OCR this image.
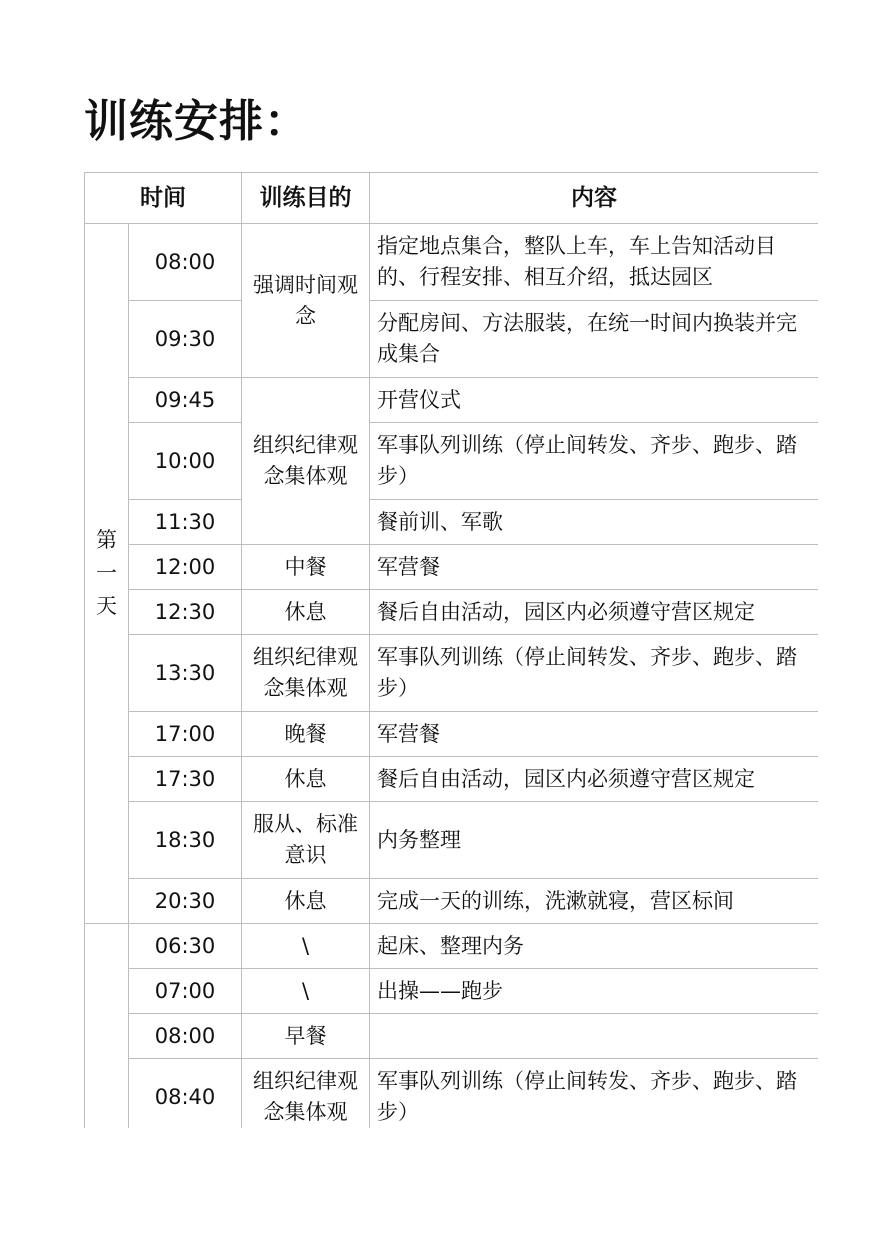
训练安排：
时间		训练目的	内容
第一天	08:00	强调时间观念	指定地点集合，整队上车，车上告知活动目的、行程安排、相互介绍，抵达园区
	09:30		分配房间、方法服装，在统一时间内换装并完成集合
	09:45	组织纪律观念集体观	开营仪式
	10:00		军事队列训练（停止间转发、齐步、跑步、踏步）
	11:30		餐前训、军歌
	12:00	中餐	军营餐
	12:30	休息	餐后自由活动，园区内必须遵守营区规定
	13:30	组织纪律观念集体观	军事队列训练（停止间转发、齐步、跑步、踏步）
	17:00	晚餐	军营餐
	17:30	休息	餐后自由活动，园区内必须遵守营区规定
	18:30	服从、标准意识	内务整理
	20:30	休息	完成一天的训练，洗漱就寝，营区标间
	06:30	\	起床、整理内务
	07:00	\	出操——跑步
	08:00	早餐	
	08:40	组织纪律观念集体观	军事队列训练（停止间转发、齐步、跑步、踏步）
